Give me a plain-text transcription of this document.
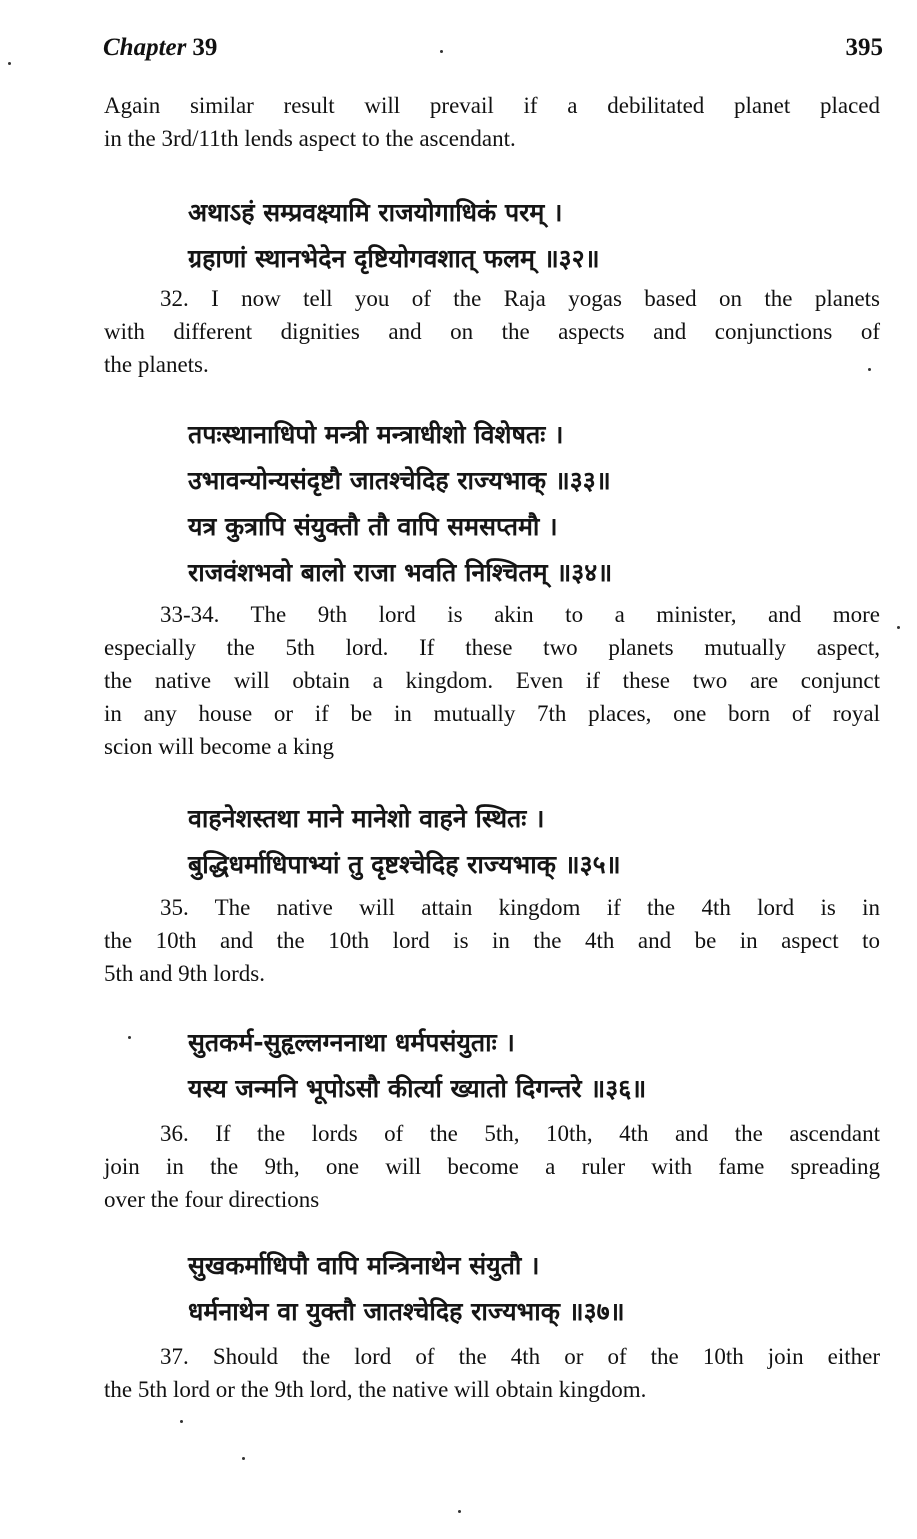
Chapter 39	395
Again similar result will prevail if a debilitated planet placed
in the 3rd/11th lends aspect to the ascendant.
अथाऽहं सम्प्रवक्ष्यामि राजयोगाधिकं परम् ।
ग्रहाणां स्थानभेदेन दृष्टियोगवशात् फलम् ॥३२॥
32. I now tell you of the Raja yogas based on the planets
with different dignities and on the aspects and conjunctions of
the planets.
तपःस्थानाधिपो मन्त्री मन्त्राधीशो विशेषतः ।
उभावन्योन्यसंदृष्टौ जातश्चेदिह राज्यभाक् ॥३३॥
यत्र कुत्रापि संयुक्तौ तौ वापि समसप्तमौ ।
राजवंशभवो बालो राजा भवति निश्चितम् ॥३४॥
33-34. The 9th lord is akin to a minister, and more
especially the 5th lord. If these two planets mutually aspect,
the native will obtain a kingdom. Even if these two are conjunct
in any house or if be in mutually 7th places, one born of royal
scion will become a king
वाहनेशस्तथा माने मानेशो वाहने स्थितः ।
बुद्धिधर्माधिपाभ्यां तु दृष्टश्चेदिह राज्यभाक् ॥३५॥
35. The native will attain kingdom if the 4th lord is in
the 10th and the 10th lord is in the 4th and be in aspect to
5th and 9th lords.
सुतकर्म-सुहृल्लग्ननाथा धर्मपसंयुताः ।
यस्य जन्मनि भूपोऽसौ कीर्त्या ख्यातो दिगन्तरे ॥३६॥
36. If the lords of the 5th, 10th, 4th and the ascendant
join in the 9th, one will become a ruler with fame spreading
over the four directions
सुखकर्माधिपौ वापि मन्त्रिनाथेन संयुतौ ।
धर्मनाथेन वा युक्तौ जातश्चेदिह राज्यभाक् ॥३७॥
37. Should the lord of the 4th or of the 10th join either
the 5th lord or the 9th lord, the native will obtain kingdom.
